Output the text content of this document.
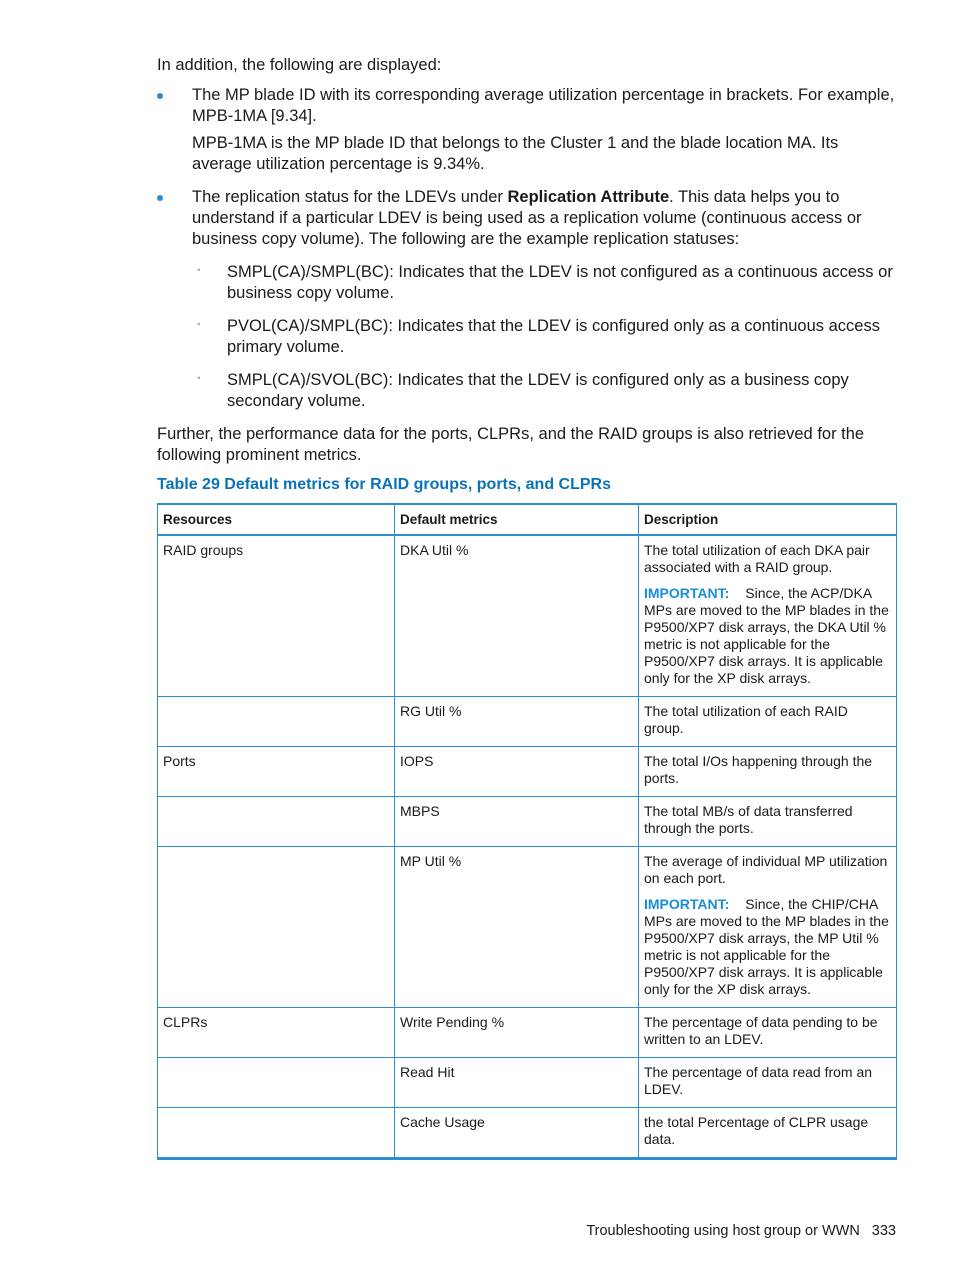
In addition, the following are displayed:

The MP blade ID with its corresponding average utilization percentage in brackets. For example, MPB-1MA [9.34].

MPB-1MA is the MP blade ID that belongs to the Cluster 1 and the blade location MA. Its average utilization percentage is 9.34%.

The replication status for the LDEVs under Replication Attribute. This data helps you to understand if a particular LDEV is being used as a replication volume (continuous access or business copy volume). The following are the example replication statuses:

◦ SMPL(CA)/SMPL(BC): Indicates that the LDEV is not configured as a continuous access or business copy volume.

◦ PVOL(CA)/SMPL(BC): Indicates that the LDEV is configured only as a continuous access primary volume.

◦ SMPL(CA)/SVOL(BC): Indicates that the LDEV is configured only as a business copy secondary volume.

Further, the performance data for the ports, CLPRs, and the RAID groups is also retrieved for the following prominent metrics.

Table 29 Default metrics for RAID groups, ports, and CLPRs
Resources	Default metrics	Description
RAID groups	DKA Util %	The total utilization of each DKA pair associated with a RAID group.
IMPORTANT: Since, the ACP/DKA MPs are moved to the MP blades in the P9500/XP7 disk arrays, the DKA Util % metric is not applicable for the P9500/XP7 disk arrays. It is applicable only for the XP disk arrays.

	RG Util %	The total utilization of each RAID group.
Ports	IOPS	The total I/Os happening through the ports.
	MBPS	The total MB/s of data transferred through the ports.
	MP Util %	The average of individual MP utilization on each port.
IMPORTANT: Since, the CHIP/CHA MPs are moved to the MP blades in the P9500/XP7 disk arrays, the MP Util % metric is not applicable for the P9500/XP7 disk arrays. It is applicable only for the XP disk arrays.

CLPRs	Write Pending %	The percentage of data pending to be written to an LDEV.
	Read Hit	The percentage of data read from an LDEV.
	Cache Usage	the total Percentage of CLPR usage data.
Troubleshooting using host group or WWN 333
